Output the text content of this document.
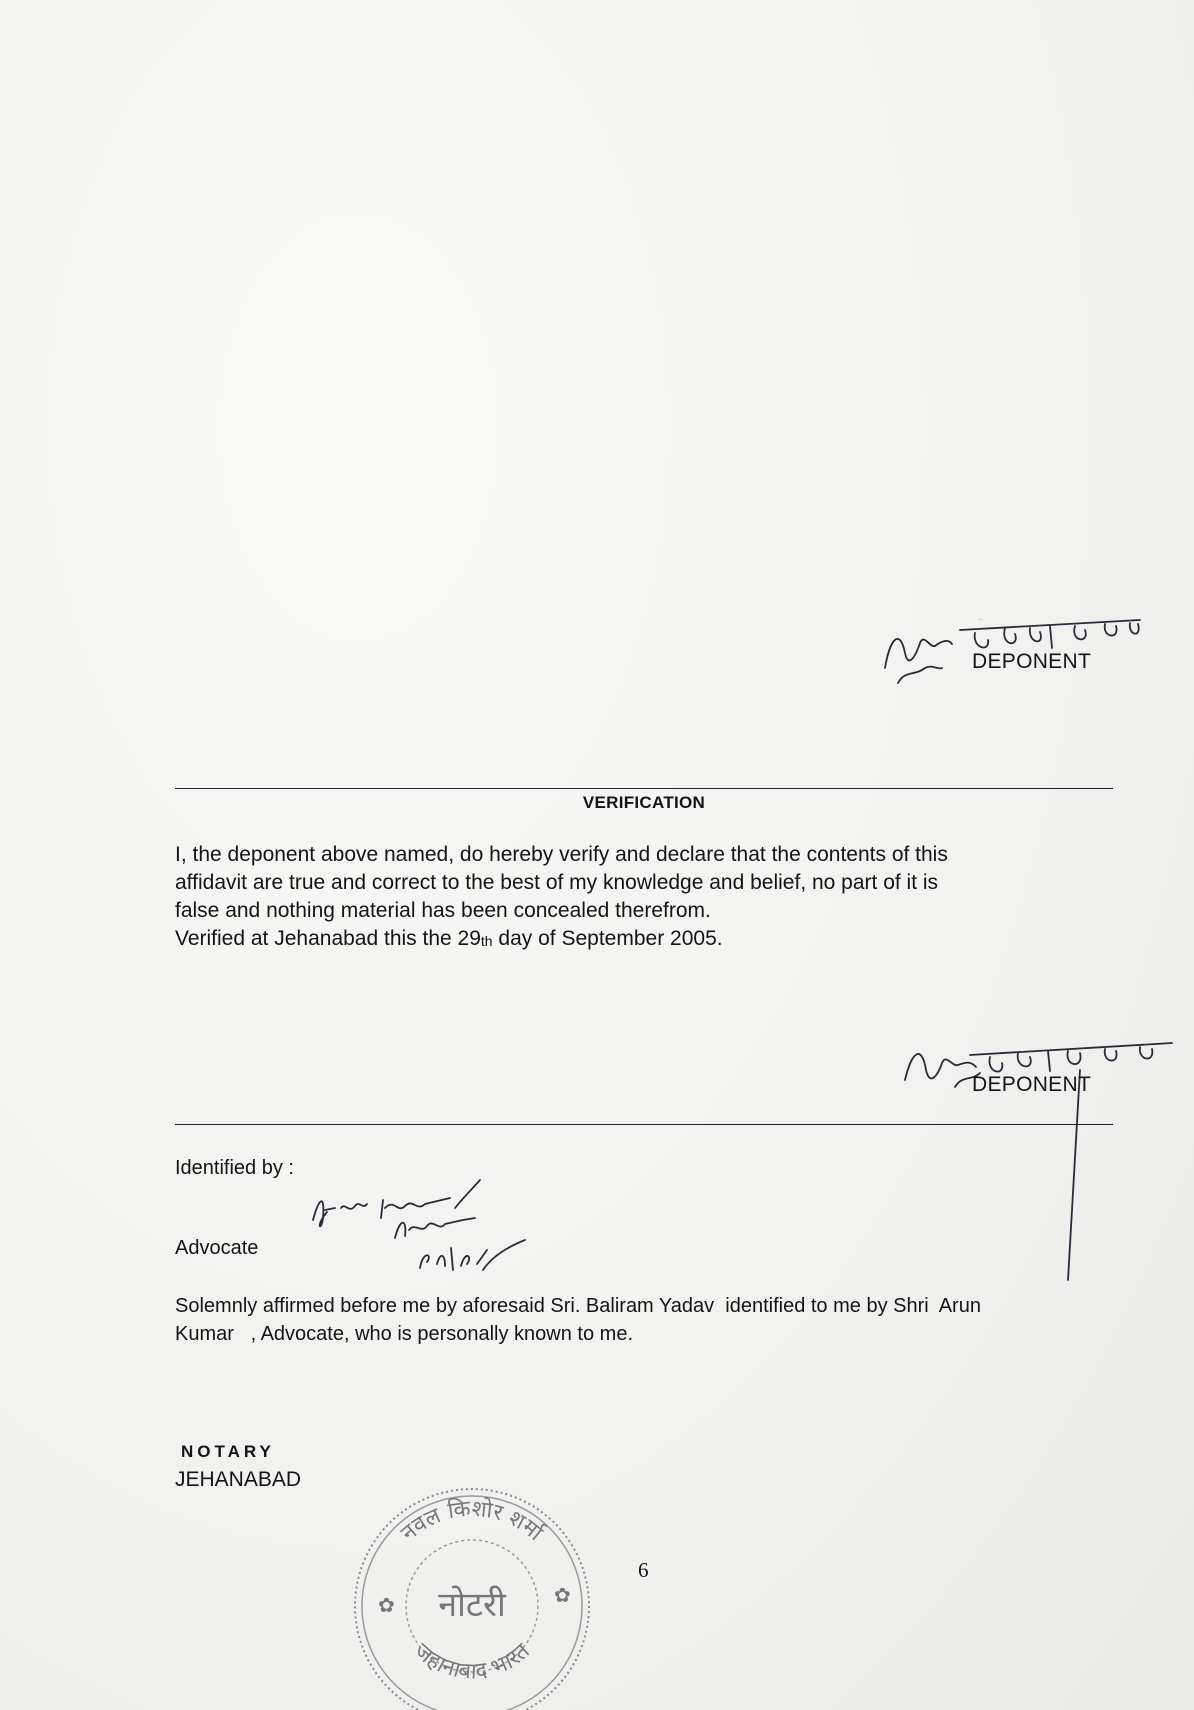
बलीराम यादव
DEPONENT
VERIFICATION

I, the deponent above named, do hereby verify and declare that the contents of this

affidavit are true and correct to the best of my knowledge and belief, no part of it is

false and nothing material has been concealed therefrom.

Verified at Jehanabad this the $29_{th}$ day of September 2005.

DEPONENT
Identified by :
Advocate

Solemnly affirmed before me by aforesaid Sri. Baliram Yadav  identified to me by Shri  Arun

Kumar   , Advocate, who is personally known to me.

NOTARY
JEHANABAD
नवल किशोर शर्मा
जहानाबाद भारत
नोटरी
✿	✿
6
